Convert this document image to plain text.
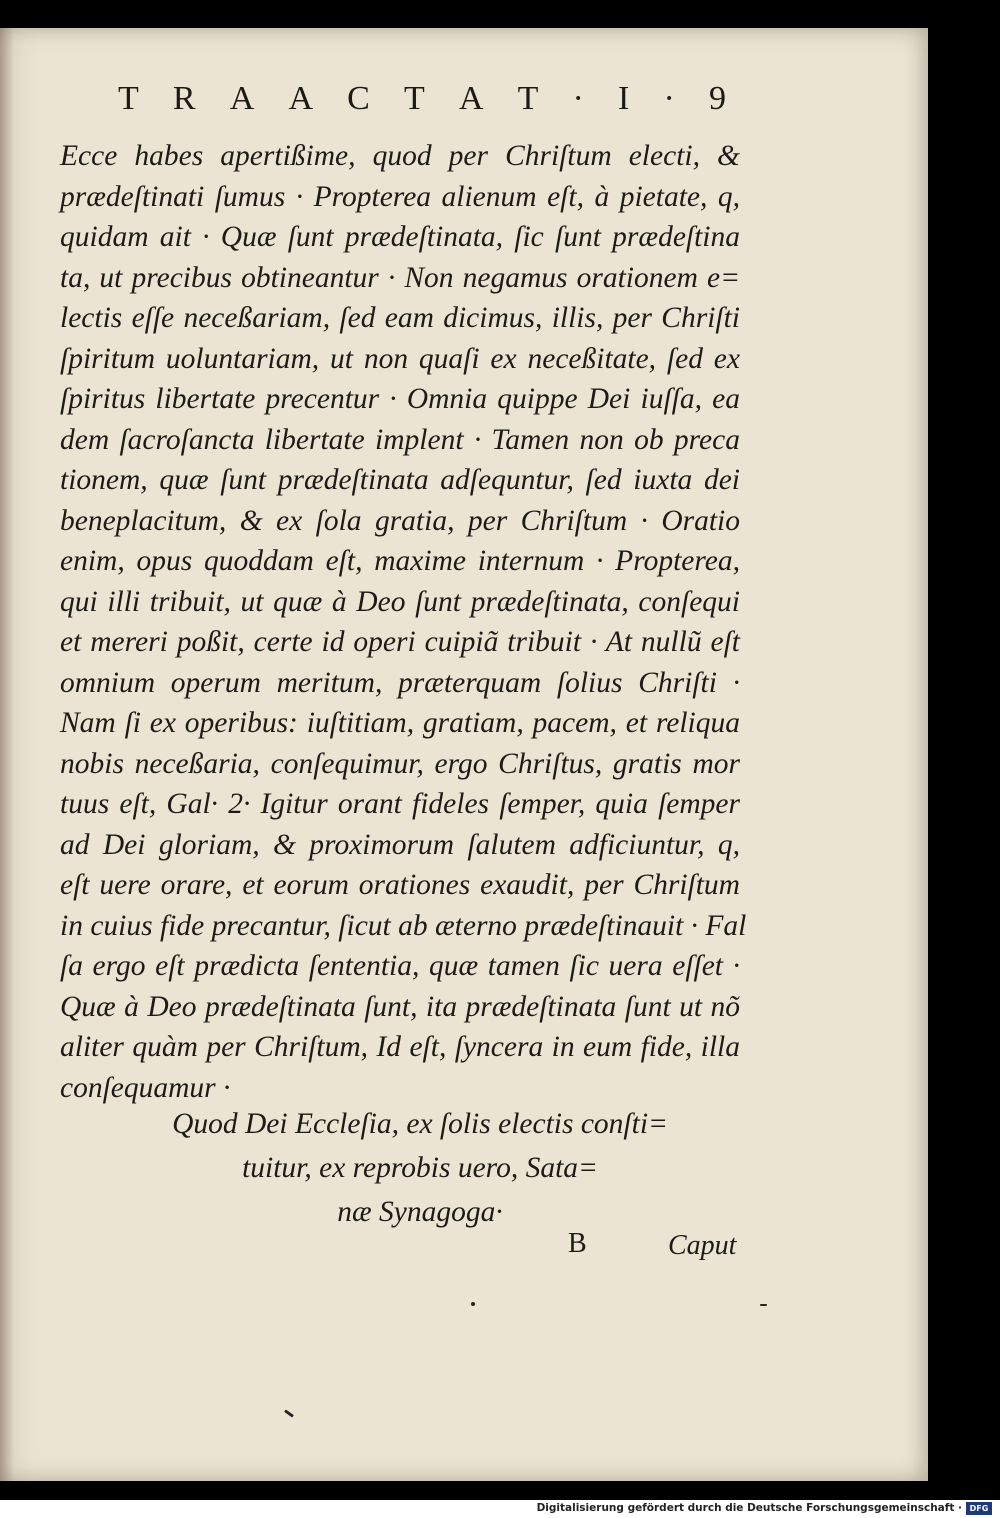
T R A A C T A T · I · 9
Ecce habes apertißime, quod per Chriſtum electi, &
prædeſtinati ſumus · Propterea alienum eſt, à pietate, q,
quidam ait · Quæ ſunt prædeſtinata, ſic ſunt prædeſtina
ta, ut precibus obtineantur · Non negamus orationem e=
lectis eſſe neceßariam, ſed eam dicimus, illis, per Chriſti
ſpiritum uoluntariam, ut non quaſi ex neceßitate, ſed ex
ſpiritus libertate precentur · Omnia quippe Dei iuſſa, ea
dem ſacroſancta libertate implent · Tamen non ob preca
tionem, quæ ſunt prædeſtinata adſequntur, ſed iuxta dei
beneplacitum, & ex ſola gratia, per Chriſtum · Oratio
enim, opus quoddam eſt, maxime internum · Propterea,
qui illi tribuit, ut quæ à Deo ſunt prædeſtinata, conſequi
et mereri poßit, certe id operi cuipiã tribuit · At nullũ eſt
omnium operum meritum, præterquam ſolius Chriſti ·
Nam ſi ex operibus: iuſtitiam, gratiam, pacem, et reliqua
nobis neceßaria, conſequimur, ergo Chriſtus, gratis mor
tuus eſt, Gal· 2· Igitur orant fideles ſemper, quia ſemper
ad Dei gloriam, & proximorum ſalutem adficiuntur, q,
eſt uere orare, et eorum orationes exaudit, per Chriſtum
in cuius fide precantur, ſicut ab æterno prædeſtinauit · Fal
ſa ergo eſt prædicta ſententia, quæ tamen ſic uera eſſet ·
Quæ à Deo prædeſtinata ſunt, ita prædeſtinata ſunt ut nõ
aliter quàm per Chriſtum, Id eſt, ſyncera in eum fide, illa
conſequamur ·
Quod Dei Eccleſia, ex ſolis electis conſti=
tuitur, ex reprobis uero, Sata=
næ Synagoga·
B	Caput
Digitalisierung gefördert durch die Deutsche Forschungsgemeinschaft · DFG
